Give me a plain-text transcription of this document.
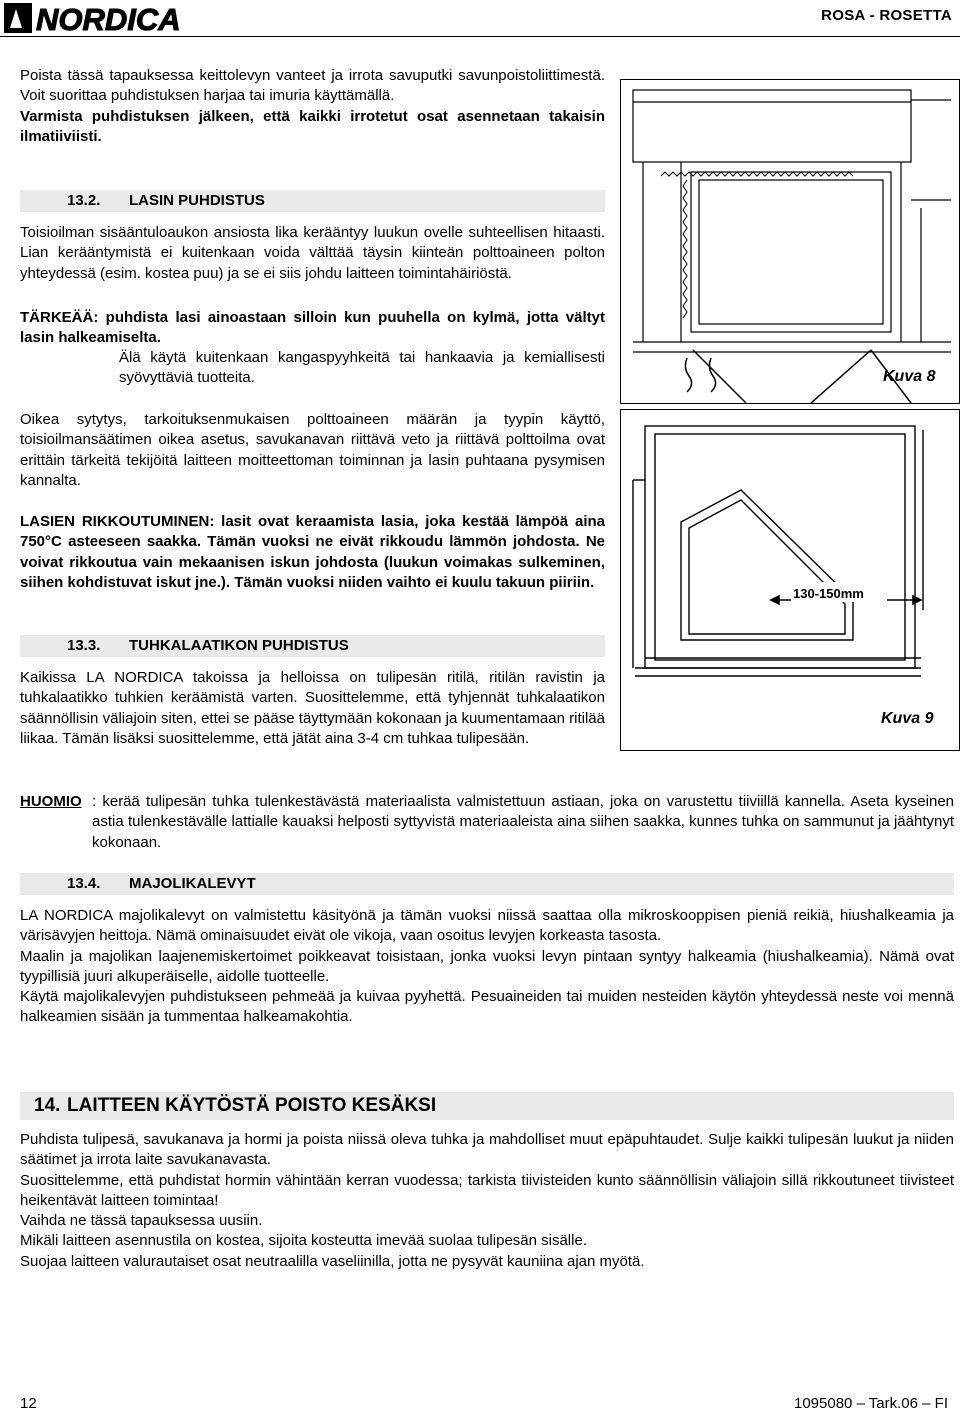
NORDICA	ROSA - ROSETTA

Poista tässä tapauksessa keittolevyn vanteet ja irrota savuputki savunpoistoliittimestä. Voit suorittaa puhdistuksen harjaa tai imuria käyttämällä.

Varmista puhdistuksen jälkeen, että kaikki irrotetut osat asennetaan takaisin ilmatiiviisti.

13.2. LASIN PUHDISTUS
Toisioilman sisääntuloaukon ansiosta lika kerääntyy luukun ovelle suhteellisen hitaasti. Lian kerääntymistä ei kuitenkaan voida välttää täysin kiinteän polttoaineen polton yhteydessä (esim. kostea puu) ja se ei siis johdu laitteen toimintahäiriöstä.
TÄRKEÄÄ: puhdista lasi ainoastaan silloin kun puuhella on kylmä, jotta vältyt lasin halkeamiselta.
Älä käytä kuitenkaan kangaspyyhkeitä tai hankaavia ja kemiallisesti syövyttäviä tuotteita.
Oikea sytytys, tarkoituksenmukaisen polttoaineen määrän ja tyypin käyttö, toisioilmansäätimen oikea asetus, savukanavan riittävä veto ja riittävä polttoilma ovat erittäin tärkeitä tekijöitä laitteen moitteettoman toiminnan ja lasin puhtaana pysymisen kannalta.
LASIEN RIKKOUTUMINEN: lasit ovat keraamista lasia, joka kestää lämpöä aina 750°C asteeseen saakka. Tämän vuoksi ne eivät rikkoudu lämmön johdosta. Ne voivat rikkoutua vain mekaanisen iskun johdosta (luukun voimakas sulkeminen, siihen kohdistuvat iskut jne.). Tämän vuoksi niiden vaihto ei kuulu takuun piiriin.
Kuva 8
130-150mm
Kuva 9
13.3. TUHKALAATIKON PUHDISTUS
Kaikissa LA NORDICA takoissa ja helloissa on tulipesän ritilä, ritilän ravistin ja tuhkalaatikko tuhkien keräämistä varten. Suosittelemme, että tyhjennät tuhkalaatikon säännöllisin väliajoin siten, ettei se pääse täyttymään kokonaan ja kuumentamaan ritilää liikaa. Tämän lisäksi suosittelemme, että jätät aina 3-4 cm tuhkaa tulipesään.
HUOMIO : kerää tulipesän tuhka tulenkestävästä materiaalista valmistettuun astiaan, joka on varustettu tiiviillä kannella. Aseta kyseinen astia tulenkestävälle lattialle kauaksi helposti syttyvistä materiaaleista aina siihen saakka, kunnes tuhka on sammunut ja jäähtynyt kokonaan.
13.4. MAJOLIKALEVYT

LA NORDICA majolikalevyt on valmistettu käsityönä ja tämän vuoksi niissä saattaa olla mikroskooppisen pieniä reikiä, hiushalkeamia ja värisävyjen heittoja. Nämä ominaisuudet eivät ole vikoja, vaan osoitus levyjen korkeasta tasosta.

Maalin ja majolikan laajenemiskertoimet poikkeavat toisistaan, jonka vuoksi levyn pintaan syntyy halkeamia (hiushalkeamia). Nämä ovat tyypillisiä juuri alkuperäiselle, aidolle tuotteelle.

Käytä majolikalevyjen puhdistukseen pehmeää ja kuivaa pyyhettä. Pesuaineiden tai muiden nesteiden käytön yhteydessä neste voi mennä halkeamien sisään ja tummentaa halkeamakohtia.

14. LAITTEEN KÄYTÖSTÄ POISTO KESÄKSI

Puhdista tulipesä, savukanava ja hormi ja poista niissä oleva tuhka ja mahdolliset muut epäpuhtaudet. Sulje kaikki tulipesän luukut ja niiden säätimet ja irrota laite savukanavasta.

Suosittelemme, että puhdistat hormin vähintään kerran vuodessa; tarkista tiivisteiden kunto säännöllisin väliajoin sillä rikkoutuneet tiivisteet heikentävät laitteen toimintaa!

Vaihda ne tässä tapauksessa uusiin.

Mikäli laitteen asennustila on kostea, sijoita kosteutta imevää suolaa tulipesän sisälle.

Suojaa laitteen valurautaiset osat neutraalilla vaseliinilla, jotta ne pysyvät kauniina ajan myötä.

12	1095080 – Tark.06 – FI
